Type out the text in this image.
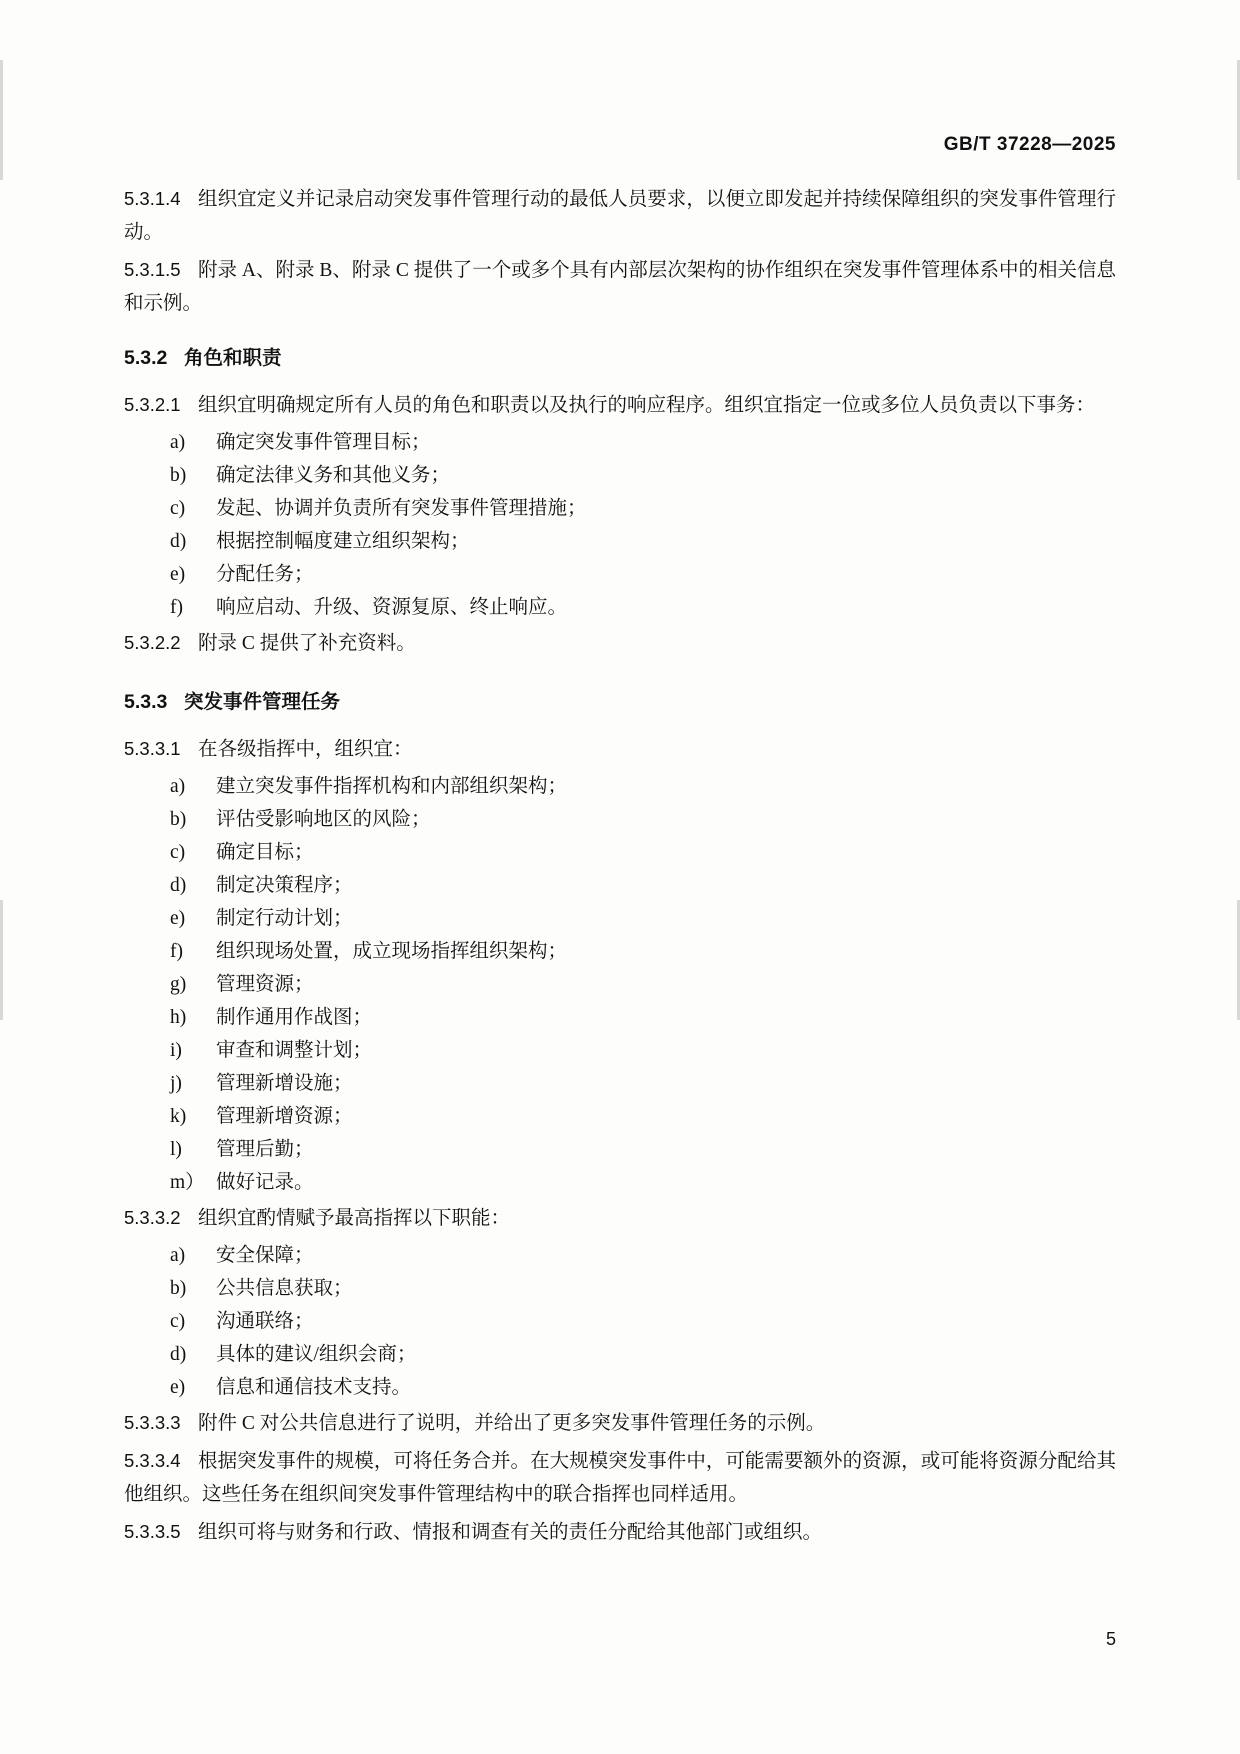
GB/T 37228—2025

5.3.1.4 组织宜定义并记录启动突发事件管理行动的最低人员要求，以便立即发起并持续保障组织的突发事件管理行动。

5.3.1.5 附录 A、附录 B、附录 C 提供了一个或多个具有内部层次架构的协作组织在突发事件管理体系中的相关信息和示例。

5.3.2 角色和职责

5.3.2.1 组织宜明确规定所有人员的角色和职责以及执行的响应程序。组织宜指定一位或多位人员负责以下事务：

a)	确定突发事件管理目标；
b)	确定法律义务和其他义务；
c)	发起、协调并负责所有突发事件管理措施；
d)	根据控制幅度建立组织架构；
e)	分配任务；
f)	响应启动、升级、资源复原、终止响应。

5.3.2.2 附录 C 提供了补充资料。

5.3.3 突发事件管理任务

5.3.3.1 在各级指挥中，组织宜：

a)	建立突发事件指挥机构和内部组织架构；
b)	评估受影响地区的风险；
c)	确定目标；
d)	制定决策程序；
e)	制定行动计划；
f)	组织现场处置，成立现场指挥组织架构；
g)	管理资源；
h)	制作通用作战图；
i)	审查和调整计划；
j)	管理新增设施；
k)	管理新增资源；
l)	管理后勤；
m） 做好记录。

5.3.3.2 组织宜酌情赋予最高指挥以下职能：

a)	安全保障；
b)	公共信息获取；
c)	沟通联络；
d)	具体的建议/组织会商；
e)	信息和通信技术支持。

5.3.3.3 附件 C 对公共信息进行了说明，并给出了更多突发事件管理任务的示例。

5.3.3.4 根据突发事件的规模，可将任务合并。在大规模突发事件中，可能需要额外的资源，或可能将资源分配给其他组织。这些任务在组织间突发事件管理结构中的联合指挥也同样适用。

5.3.3.5 组织可将与财务和行政、情报和调查有关的责任分配给其他部门或组织。

5
